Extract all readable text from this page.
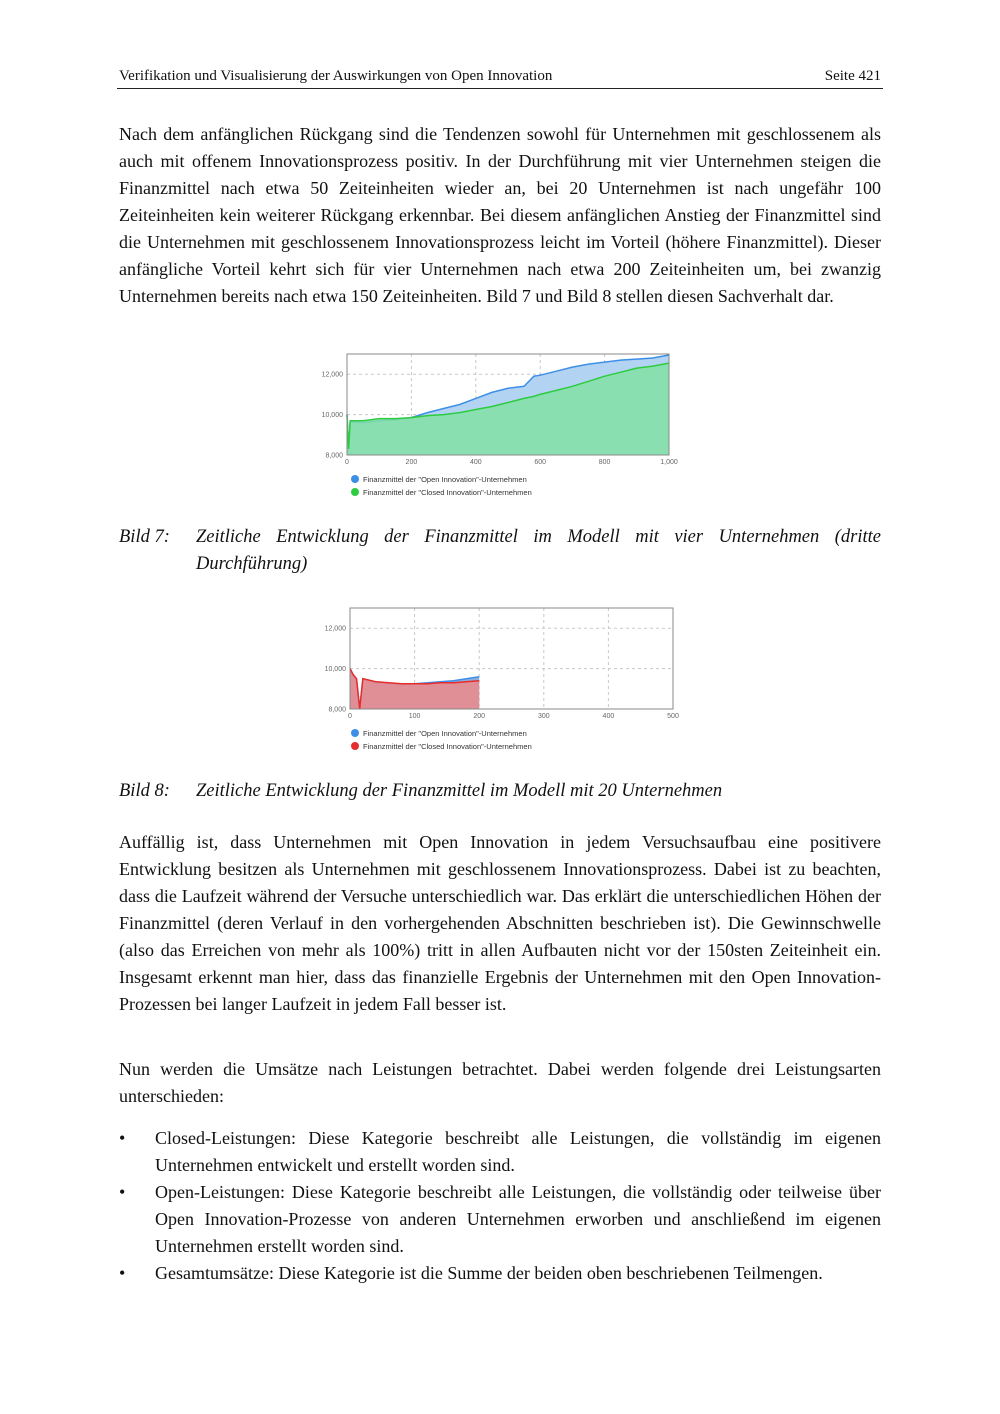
Verifikation und Visualisierung der Auswirkungen von Open Innovation	Seite 421

Nach dem anfänglichen Rückgang sind die Tendenzen sowohl für Unternehmen mit geschlossenem als auch mit offenem Innovationsprozess positiv. In der Durchführung mit vier Unternehmen steigen die Finanzmittel nach etwa 50 Zeiteinheiten wieder an, bei 20 Unternehmen ist nach ungefähr 100 Zeiteinheiten kein weiterer Rückgang erkennbar. Bei diesem anfänglichen Anstieg der Finanzmittel sind die Unternehmen mit geschlossenem Innovationsprozess leicht im Vorteil (höhere Finanzmittel). Dieser anfängliche Vorteil kehrt sich für vier Unternehmen nach etwa 200 Zeiteinheiten um, bei zwanzig Unternehmen bereits nach etwa 150 Zeiteinheiten. Bild 7 und Bild 8 stellen diesen Sachverhalt dar.

8,000
10,000
12,000
0	200	400	600	800	1,000
Finanzmittel der "Open Innovation"-Unternehmen
Finanzmittel der "Closed Innovation"-Unternehmen
Bild 7: Zeitliche Entwicklung der Finanzmittel im Modell mit vier Unternehmen (dritte
Durchführung)
8,000
10,000
12,000
0	100	200	300	400	500
Finanzmittel der "Open Innovation"-Unternehmen
Finanzmittel der "Closed Innovation"-Unternehmen
Bild 8: Zeitliche Entwicklung der Finanzmittel im Modell mit 20 Unternehmen

Auffällig ist, dass Unternehmen mit Open Innovation in jedem Versuchsaufbau eine positivere Entwicklung besitzen als Unternehmen mit geschlossenem Innovationsprozess. Dabei ist zu beachten, dass die Laufzeit während der Versuche unterschiedlich war. Das erklärt die unterschiedlichen Höhen der Finanzmittel (deren Verlauf in den vorhergehenden Abschnitten beschrieben ist). Die Gewinnschwelle (also das Erreichen von mehr als 100%) tritt in allen Aufbauten nicht vor der 150sten Zeiteinheit ein. Insgesamt erkennt man hier, dass das finanzielle Ergebnis der Unternehmen mit den Open Innovation-Prozessen bei langer Laufzeit in jedem Fall besser ist.

Nun werden die Umsätze nach Leistungen betrachtet. Dabei werden folgende drei Leistungsarten unterschieden:

• Closed-Leistungen: Diese Kategorie beschreibt alle Leistungen, die vollständig im eigenen Unternehmen entwickelt und erstellt worden sind.
• Open-Leistungen: Diese Kategorie beschreibt alle Leistungen, die vollständig oder teilweise über Open Innovation-Prozesse von anderen Unternehmen erworben und anschließend im eigenen Unternehmen erstellt worden sind.
• Gesamtumsätze: Diese Kategorie ist die Summe der beiden oben beschriebenen Teilmengen.
